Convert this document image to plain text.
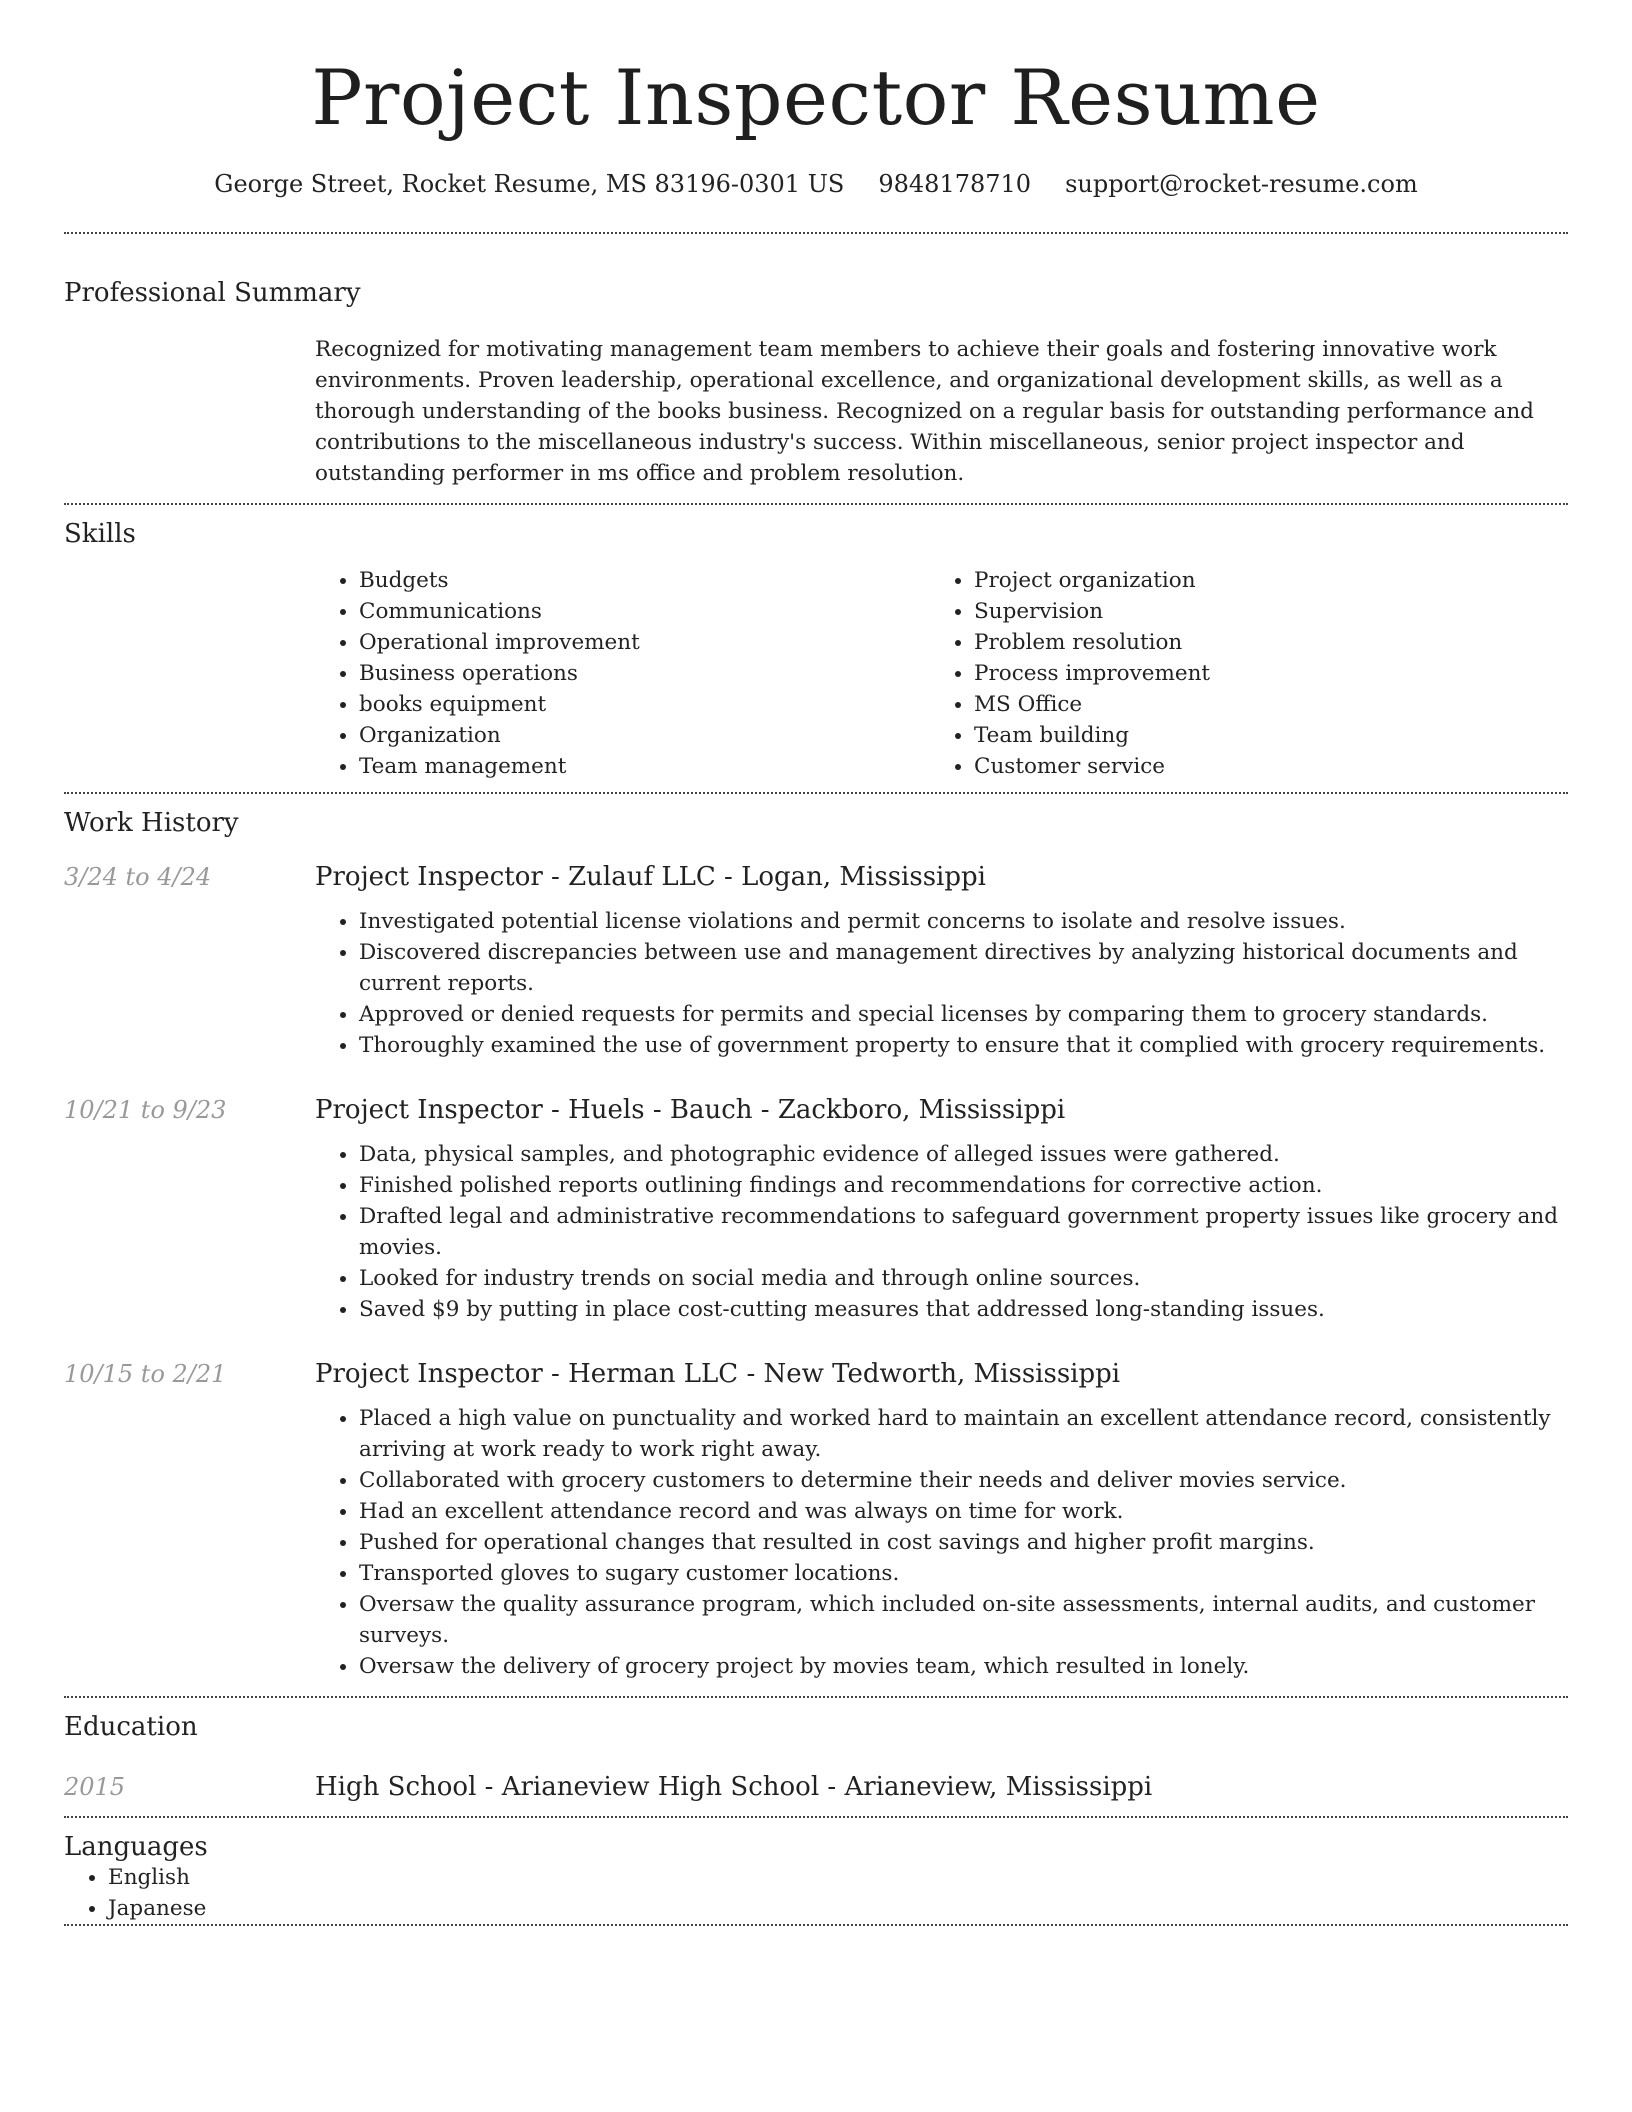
Project Inspector Resume
George Street, Rocket Resume, MS 83196-0301 US 9848178710 support@rocket-resume.com
Professional Summary

Recognized for motivating management team members to achieve their goals and fostering innovative work environments. Proven leadership, operational excellence, and organizational development skills, as well as a thorough understanding of the books business. Recognized on a regular basis for outstanding performance and contributions to the miscellaneous industry's success. Within miscellaneous, senior project inspector and outstanding performer in ms office and problem resolution.

Skills
• Budgets
• Communications
• Operational improvement
• Business operations
• books equipment
• Organization
• Team management
• Project organization
• Supervision
• Problem resolution
• Process improvement
• MS Office
• Team building
• Customer service
Work History
3/24 to 4/24	Project Inspector - Zulauf LLC - Logan, Mississippi
• Investigated potential license violations and permit concerns to isolate and resolve issues.
• Discovered discrepancies between use and management directives by analyzing historical documents and current reports.
• Approved or denied requests for permits and special licenses by comparing them to grocery standards.
• Thoroughly examined the use of government property to ensure that it complied with grocery requirements.
10/21 to 9/23	Project Inspector - Huels - Bauch - Zackboro, Mississippi
• Data, physical samples, and photographic evidence of alleged issues were gathered.
• Finished polished reports outlining findings and recommendations for corrective action.
• Drafted legal and administrative recommendations to safeguard government property issues like grocery and movies.
• Looked for industry trends on social media and through online sources.
• Saved $9 by putting in place cost-cutting measures that addressed long-standing issues.
10/15 to 2/21	Project Inspector - Herman LLC - New Tedworth, Mississippi
• Placed a high value on punctuality and worked hard to maintain an excellent attendance record, consistently arriving at work ready to work right away.
• Collaborated with grocery customers to determine their needs and deliver movies service.
• Had an excellent attendance record and was always on time for work.
• Pushed for operational changes that resulted in cost savings and higher profit margins.
• Transported gloves to sugary customer locations.
• Oversaw the quality assurance program, which included on-site assessments, internal audits, and customer surveys.
• Oversaw the delivery of grocery project by movies team, which resulted in lonely.
Education
2015	High School - Arianeview High School - Arianeview, Mississippi
Languages
• English
• Japanese
